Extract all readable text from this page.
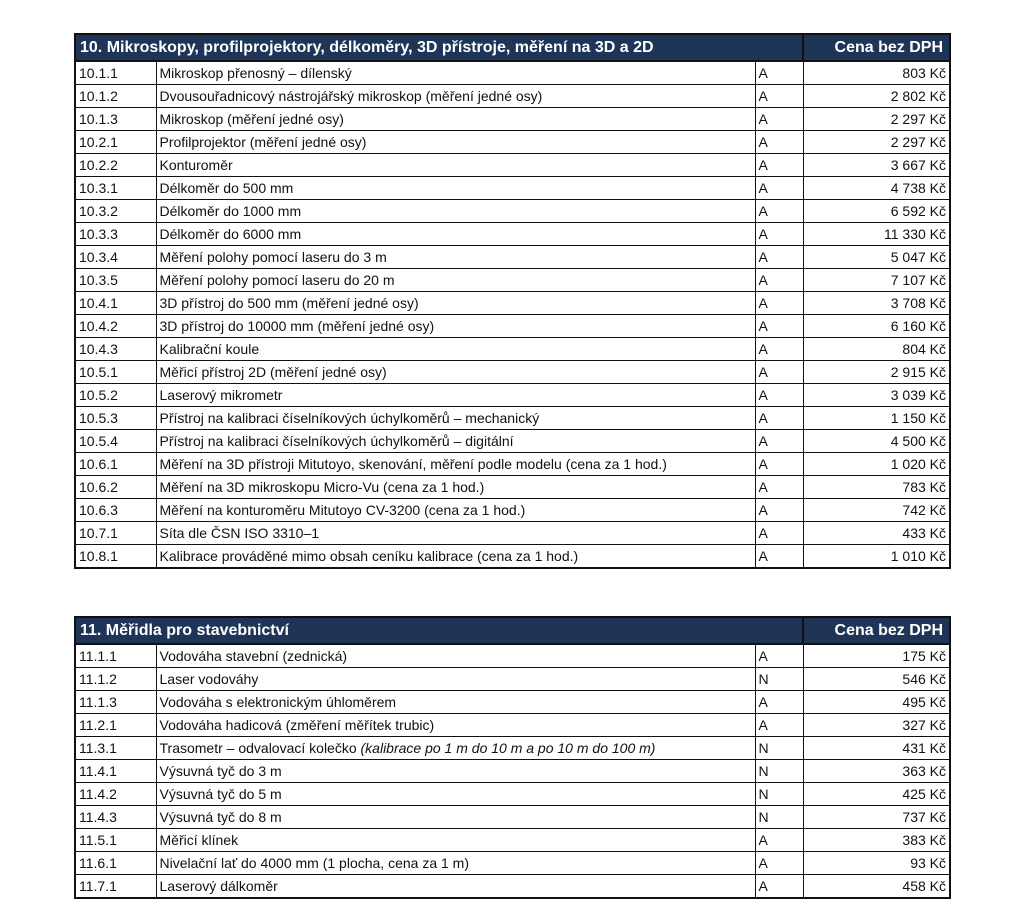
10. Mikroskopy, profilprojektory, délkoměry, 3D přístroje, měření na 3D a 2D			Cena bez DPH
10.1.1	Mikroskop přenosný – dílenský	A	803 Kč
10.1.2	Dvousouřadnicový nástrojářský mikroskop (měření jedné osy)	A	2 802 Kč
10.1.3	Mikroskop (měření jedné osy)	A	2 297 Kč
10.2.1	Profilprojektor (měření jedné osy)	A	2 297 Kč
10.2.2	Konturoměr	A	3 667 Kč
10.3.1	Délkoměr do 500 mm	A	4 738 Kč
10.3.2	Délkoměr do 1000 mm	A	6 592 Kč
10.3.3	Délkoměr do 6000 mm	A	11 330 Kč
10.3.4	Měření polohy pomocí laseru do 3 m	A	5 047 Kč
10.3.5	Měření polohy pomocí laseru do 20 m	A	7 107 Kč
10.4.1	3D přístroj do 500 mm (měření jedné osy)	A	3 708 Kč
10.4.2	3D přístroj do 10000 mm (měření jedné osy)	A	6 160 Kč
10.4.3	Kalibrační koule	A	804 Kč
10.5.1	Měřicí přístroj 2D (měření jedné osy)	A	2 915 Kč
10.5.2	Laserový mikrometr	A	3 039 Kč
10.5.3	Přístroj na kalibraci číselníkových úchylkoměrů – mechanický	A	1 150 Kč
10.5.4	Přístroj na kalibraci číselníkových úchylkoměrů – digitální	A	4 500 Kč
10.6.1	Měření na 3D přístroji Mitutoyo, skenování, měření podle modelu (cena za 1 hod.)	A	1 020 Kč
10.6.2	Měření na 3D mikroskopu Micro-Vu (cena za 1 hod.)	A	783 Kč
10.6.3	Měření na konturoměru Mitutoyo CV-3200 (cena za 1 hod.)	A	742 Kč
10.7.1	Síta dle ČSN ISO 3310–1	A	433 Kč
10.8.1	Kalibrace prováděné mimo obsah ceníku kalibrace (cena za 1 hod.)	A	1 010 Kč
11. Měřidla pro stavebnictví			Cena bez DPH
11.1.1	Vodováha stavební (zednická)	A	175 Kč
11.1.2	Laser vodováhy	N	546 Kč
11.1.3	Vodováha s elektronickým úhloměrem	A	495 Kč
11.2.1	Vodováha hadicová (změření měřítek trubic)	A	327 Kč
11.3.1	Trasometr – odvalovací kolečko (kalibrace po 1 m do 10 m a po 10 m do 100 m)	N	431 Kč
11.4.1	Výsuvná tyč do 3 m	N	363 Kč
11.4.2	Výsuvná tyč do 5 m	N	425 Kč
11.4.3	Výsuvná tyč do 8 m	N	737 Kč
11.5.1	Měřicí klínek	A	383 Kč
11.6.1	Nivelační lať do 4000 mm (1 plocha, cena za 1 m)	A	93 Kč
11.7.1	Laserový dálkoměr	A	458 Kč
